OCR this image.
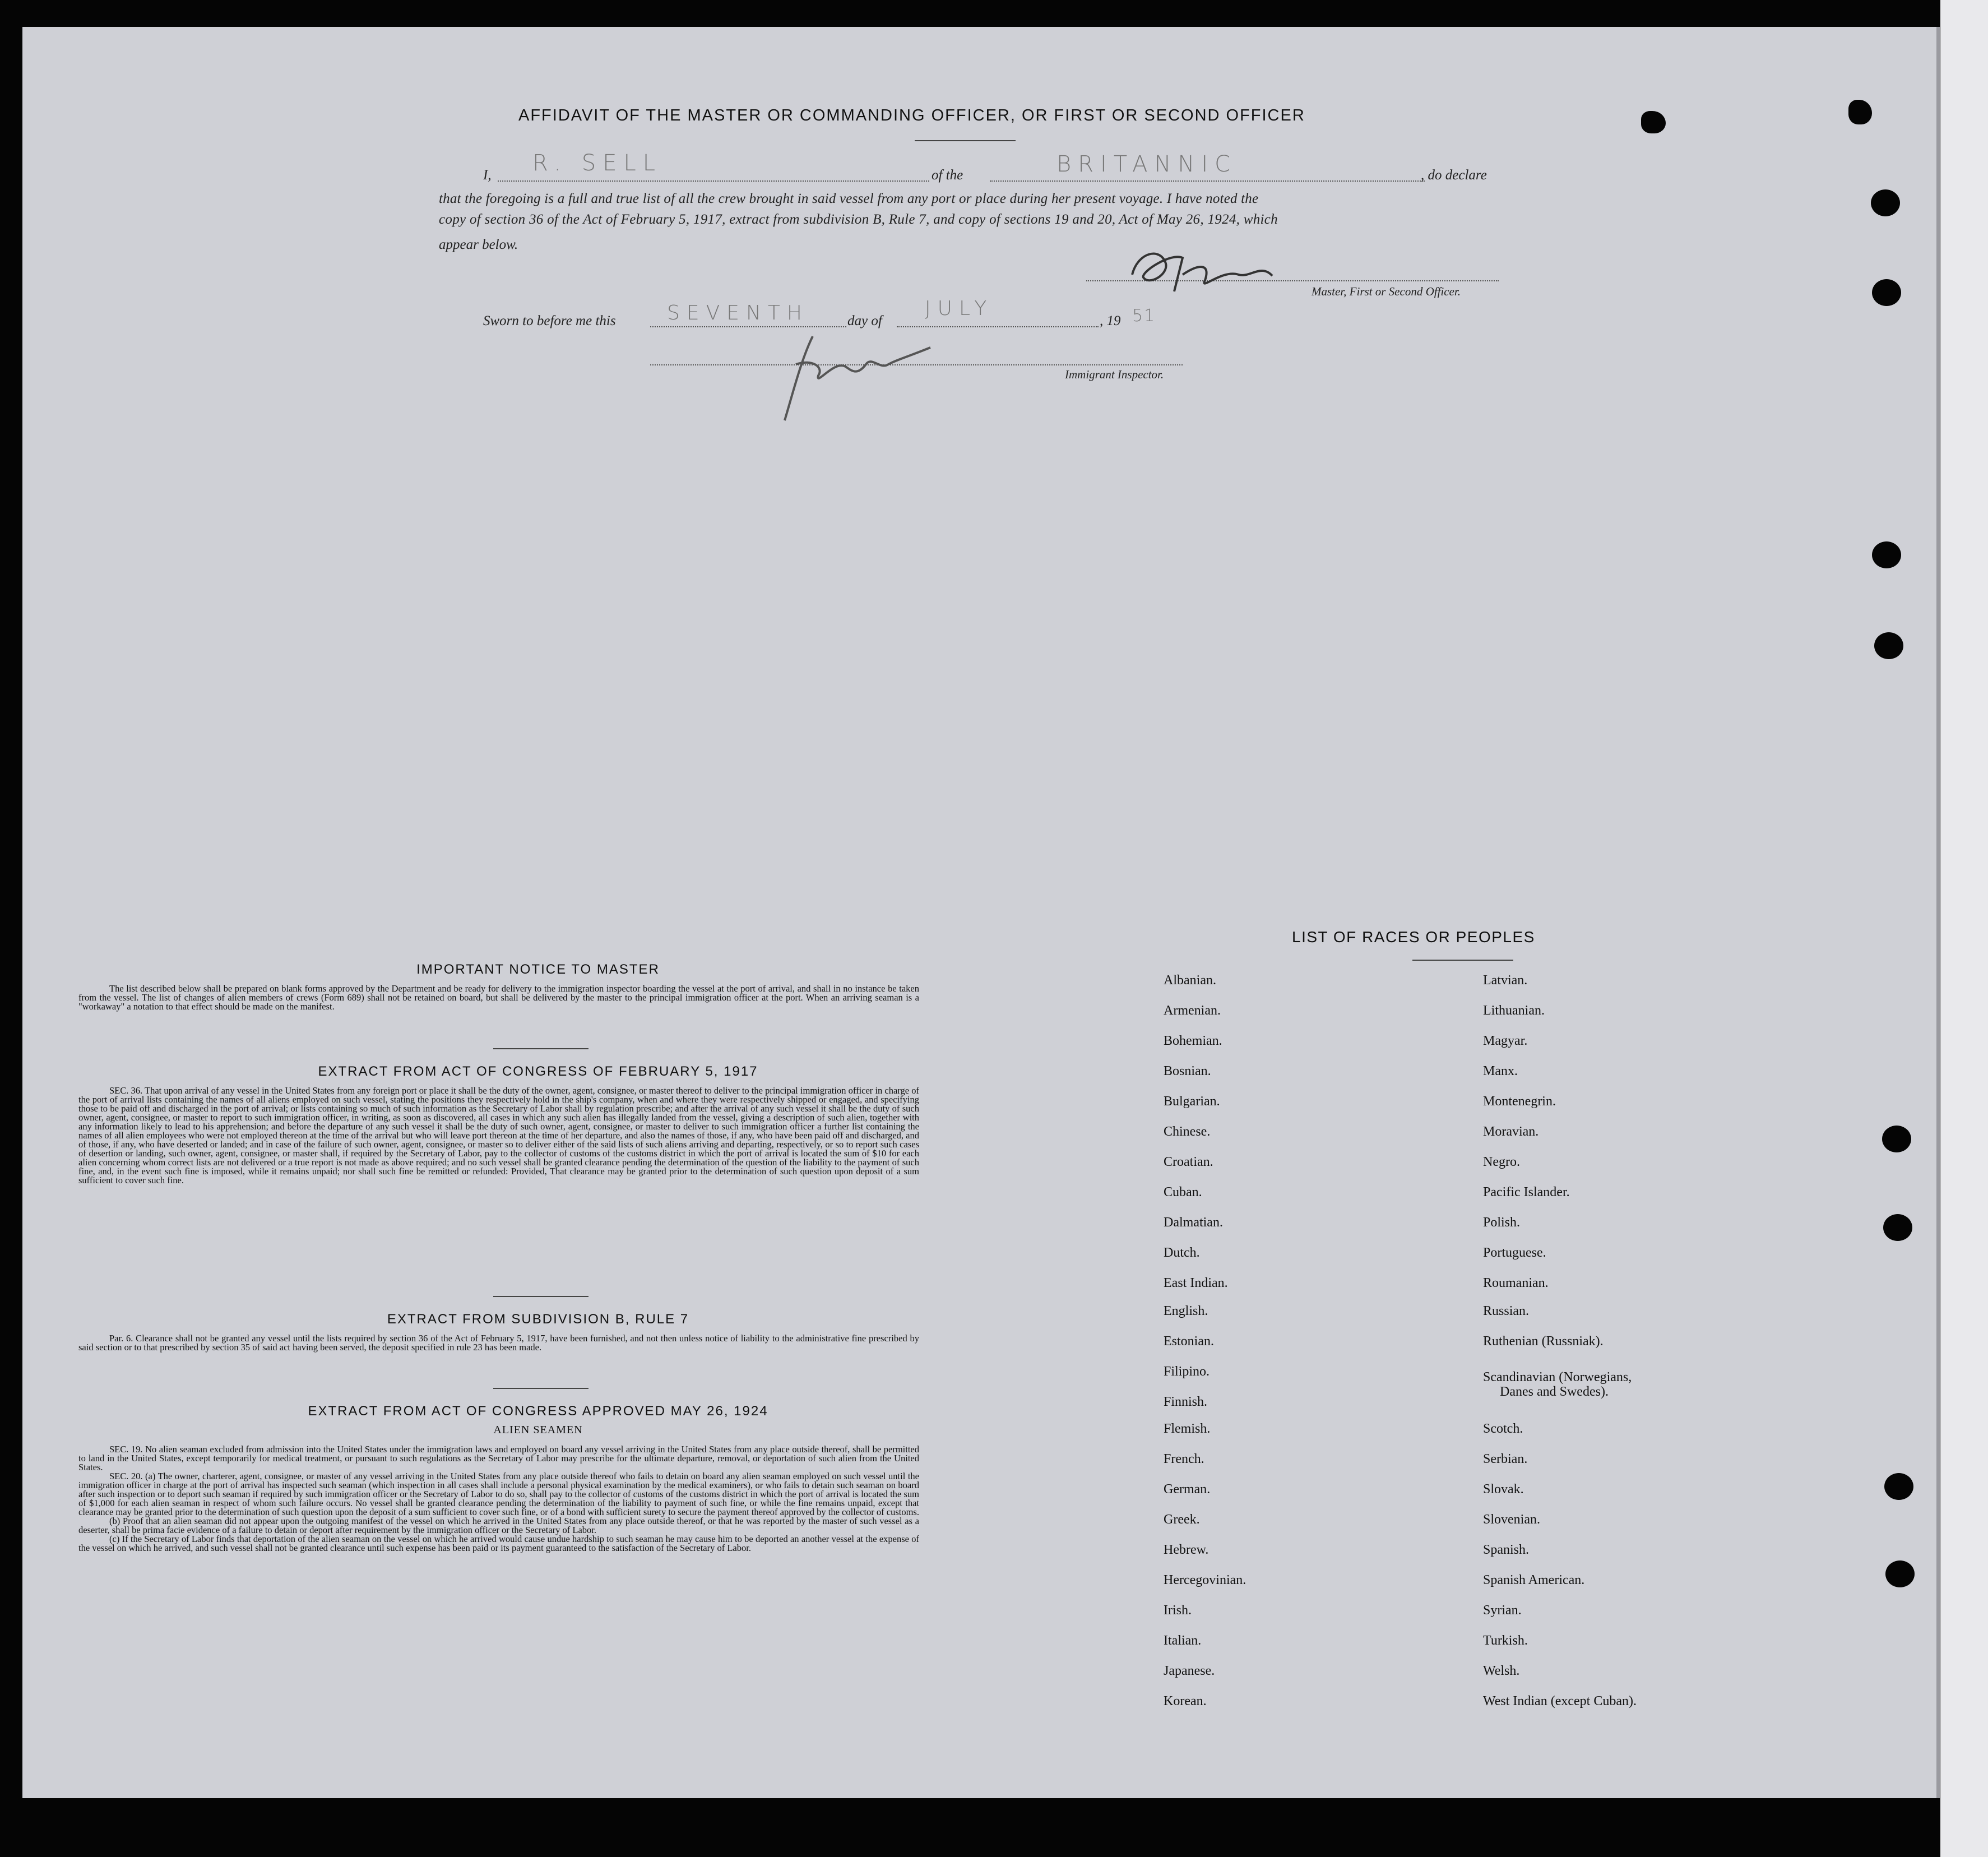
AFFIDAVIT OF THE MASTER OR COMMANDING OFFICER, OR FIRST OR SECOND OFFICER
I, R. SELL	of the	BRITANNIC	, do declare
that the foregoing is a full and true list of all the crew brought in said vessel from any port or place during her present voyage. I have noted the
copy of section 36 of the Act of February 5, 1917, extract from subdivision B, Rule 7, and copy of sections 19 and 20, Act of May 26, 1924, which
appear below.
Master, First or Second Officer.
Sworn to before me this	SEVENTH	day of
JULY
, 19 51
Immigrant Inspector.
IMPORTANT NOTICE TO MASTER

The list described below shall be prepared on blank forms approved by the Department and be ready for delivery to the immigration inspector boarding the vessel at the port of arrival, and shall in no instance be taken from the vessel. The list of changes of alien members of crews (Form 689) shall not be retained on board, but shall be delivered by the master to the principal immigration officer at the port. When an arriving seaman is a "workaway" a notation to that effect should be made on the manifest.

EXTRACT FROM ACT OF CONGRESS OF FEBRUARY 5, 1917

SEC. 36. That upon arrival of any vessel in the United States from any foreign port or place it shall be the duty of the owner, agent, consignee, or master thereof to deliver to the principal immigration officer in charge of the port of arrival lists containing the names of all aliens employed on such vessel, stating the positions they respectively hold in the ship's company, when and where they were respectively shipped or engaged, and specifying those to be paid off and discharged in the port of arrival; or lists containing so much of such information as the Secretary of Labor shall by regulation prescribe; and after the arrival of any such vessel it shall be the duty of such owner, agent, consignee, or master to report to such immigration officer, in writing, as soon as discovered, all cases in which any such alien has illegally landed from the vessel, giving a description of such alien, together with any information likely to lead to his apprehension; and before the departure of any such vessel it shall be the duty of such owner, agent, consignee, or master to deliver to such immigration officer a further list containing the names of all alien employees who were not employed thereon at the time of the arrival but who will leave port thereon at the time of her departure, and also the names of those, if any, who have been paid off and discharged, and of those, if any, who have deserted or landed; and in case of the failure of such owner, agent, consignee, or master so to deliver either of the said lists of such aliens arriving and departing, respectively, or so to report such cases of desertion or landing, such owner, agent, consignee, or master shall, if required by the Secretary of Labor, pay to the collector of customs of the customs district in which the port of arrival is located the sum of $10 for each alien concerning whom correct lists are not delivered or a true report is not made as above required; and no such vessel shall be granted clearance pending the determination of the question of the liability to the payment of such fine, and, in the event such fine is imposed, while it remains unpaid; nor shall such fine be remitted or refunded: Provided, That clearance may be granted prior to the determination of such question upon deposit of a sum sufficient to cover such fine.

EXTRACT FROM SUBDIVISION B, RULE 7

Par. 6. Clearance shall not be granted any vessel until the lists required by section 36 of the Act of February 5, 1917, have been furnished, and not then unless notice of liability to the administrative fine prescribed by said section or to that prescribed by section 35 of said act having been served, the deposit specified in rule 23 has been made.

EXTRACT FROM ACT OF CONGRESS APPROVED MAY 26, 1924
ALIEN SEAMEN

SEC. 19. No alien seaman excluded from admission into the United States under the immigration laws and employed on board any vessel arriving in the United States from any place outside thereof, shall be permitted to land in the United States, except temporarily for medical treatment, or pursuant to such regulations as the Secretary of Labor may prescribe for the ultimate departure, removal, or deportation of such alien from the United States.

SEC. 20. (a) The owner, charterer, agent, consignee, or master of any vessel arriving in the United States from any place outside thereof who fails to detain on board any alien seaman employed on such vessel until the immigration officer in charge at the port of arrival has inspected such seaman (which inspection in all cases shall include a personal physical examination by the medical examiners), or who fails to detain such seaman on board after such inspection or to deport such seaman if required by such immigration officer or the Secretary of Labor to do so, shall pay to the collector of customs of the customs district in which the port of arrival is located the sum of $1,000 for each alien seaman in respect of whom such failure occurs. No vessel shall be granted clearance pending the determination of the liability to payment of such fine, or while the fine remains unpaid, except that clearance may be granted prior to the determination of such question upon the deposit of a sum sufficient to cover such fine, or of a bond with sufficient surety to secure the payment thereof approved by the collector of customs.

(b) Proof that an alien seaman did not appear upon the outgoing manifest of the vessel on which he arrived in the United States from any place outside thereof, or that he was reported by the master of such vessel as a deserter, shall be prima facie evidence of a failure to detain or deport after requirement by the immigration officer or the Secretary of Labor.

(c) If the Secretary of Labor finds that deportation of the alien seaman on the vessel on which he arrived would cause undue hardship to such seaman he may cause him to be deported an another vessel at the expense of the vessel on which he arrived, and such vessel shall not be granted clearance until such expense has been paid or its payment guaranteed to the satisfaction of the Secretary of Labor.

LIST OF RACES OR PEOPLES
Albanian.
Armenian.
Bohemian.
Bosnian.
Bulgarian.
Chinese.
Croatian.
Cuban.
Dalmatian.
Dutch.
East Indian.
English.
Estonian.
Filipino.
Finnish.
Flemish.
French.
German.
Greek.
Hebrew.
Hercegovinian.
Irish.
Italian.
Japanese.
Korean.
Latvian.
Lithuanian.
Magyar.
Manx.
Montenegrin.
Moravian.
Negro.
Pacific Islander.
Polish.
Portuguese.
Roumanian.
Russian.
Ruthenian (Russniak).
Scandinavian (Norwegians,
Danes and Swedes).
Scotch.
Serbian.
Slovak.
Slovenian.
Spanish.
Spanish American.
Syrian.
Turkish.
Welsh.
West Indian (except Cuban).
